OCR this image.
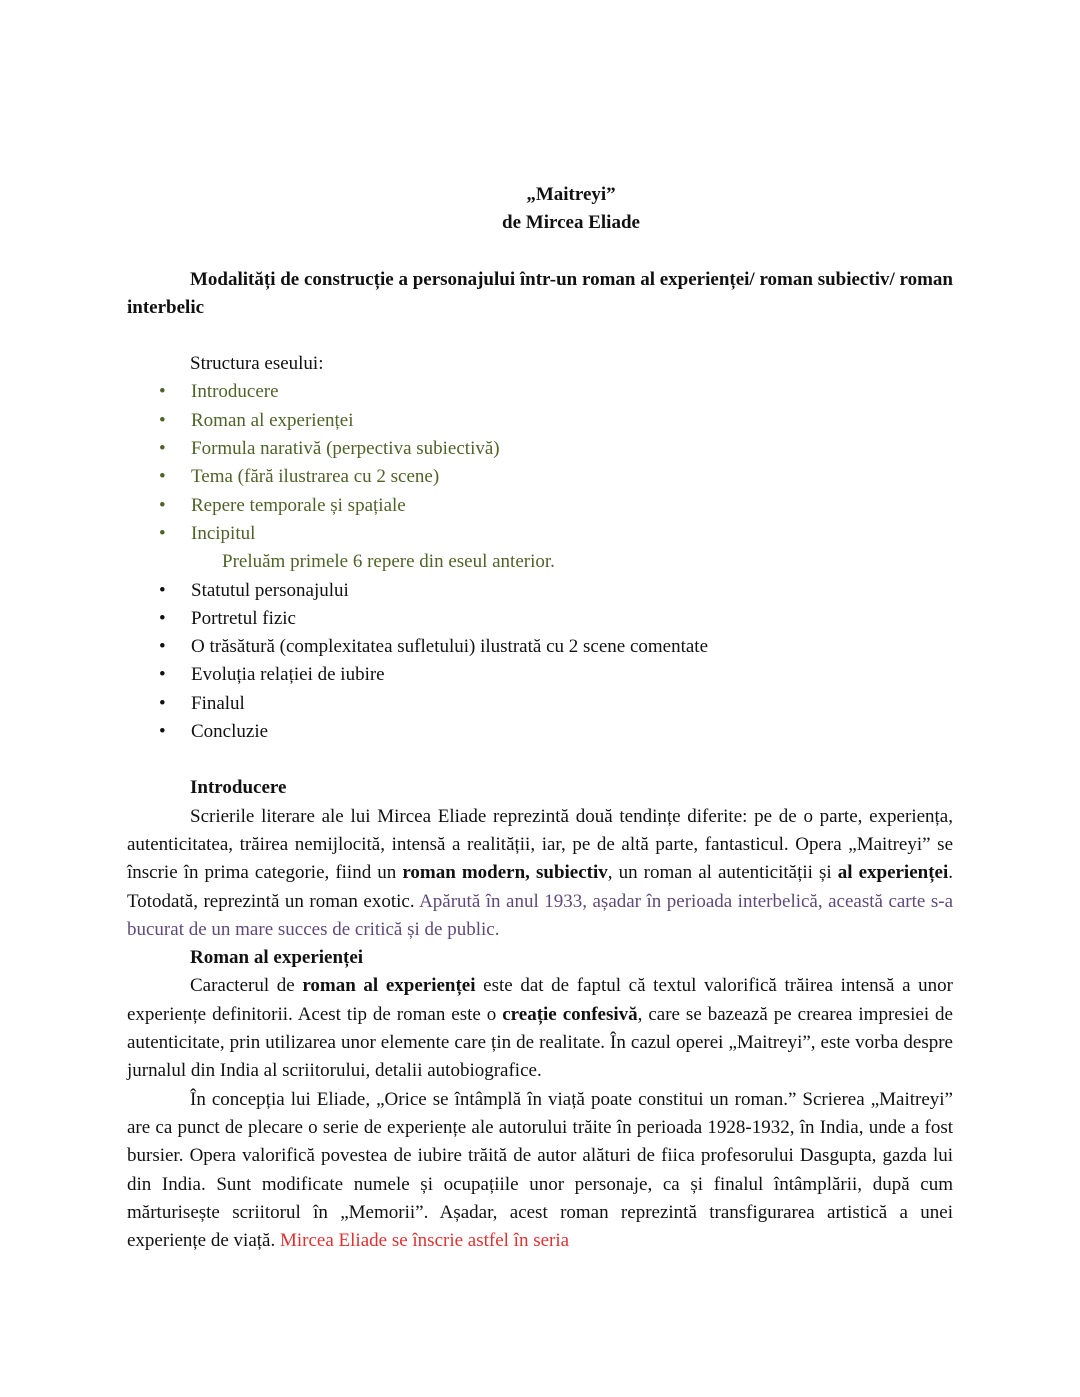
„Maitreyi”
de Mircea Eliade

Modalități de construcție a personajului într-un roman al experienței/ roman subiectiv/ roman interbelic

Structura eseului:
• Introducere
• Roman al experienței
• Formula narativă (perpectiva subiectivă)
• Tema (fără ilustrarea cu 2 scene)
• Repere temporale și spațiale
• Incipitul
Preluăm primele 6 repere din eseul anterior.
• Statutul personajului
• Portretul fizic
• O trăsătură (complexitatea sufletului) ilustrată cu 2 scene comentate
• Evoluția relației de iubire
• Finalul
• Concluzie
Introducere

Scrierile literare ale lui Mircea Eliade reprezintă două tendințe diferite: pe de o parte, experiența, autenticitatea, trăirea nemijlocită, intensă a realității, iar, pe de altă parte, fantasticul. Opera „Maitreyi” se înscrie în prima categorie, fiind un roman modern, subiectiv, un roman al autenticității și al experienței. Totodată, reprezintă un roman exotic. Apărută în anul 1933, așadar în perioada interbelică, această carte s-a bucurat de un mare succes de critică și de public.

Roman al experienței

Caracterul de roman al experienței este dat de faptul că textul valorifică trăirea intensă a unor experiențe definitorii. Acest tip de roman este o creație confesivă, care se bazează pe crearea impresiei de autenticitate, prin utilizarea unor elemente care țin de realitate. În cazul operei „Maitreyi”, este vorba despre jurnalul din India al scriitorului, detalii autobiografice.

În concepția lui Eliade, „Orice se întâmplă în viață poate constitui un roman.” Scrierea „Maitreyi” are ca punct de plecare o serie de experiențe ale autorului trăite în perioada 1928-1932, în India, unde a fost bursier. Opera valorifică povestea de iubire trăită de autor alături de fiica profesorului Dasgupta, gazda lui din India. Sunt modificate numele și ocupațiile unor personaje, ca și finalul întâmplării, după cum mărturisește scriitorul în „Memorii”. Așadar, acest roman reprezintă transfigurarea artistică a unei experiențe de viață. Mircea Eliade se înscrie astfel în seria
